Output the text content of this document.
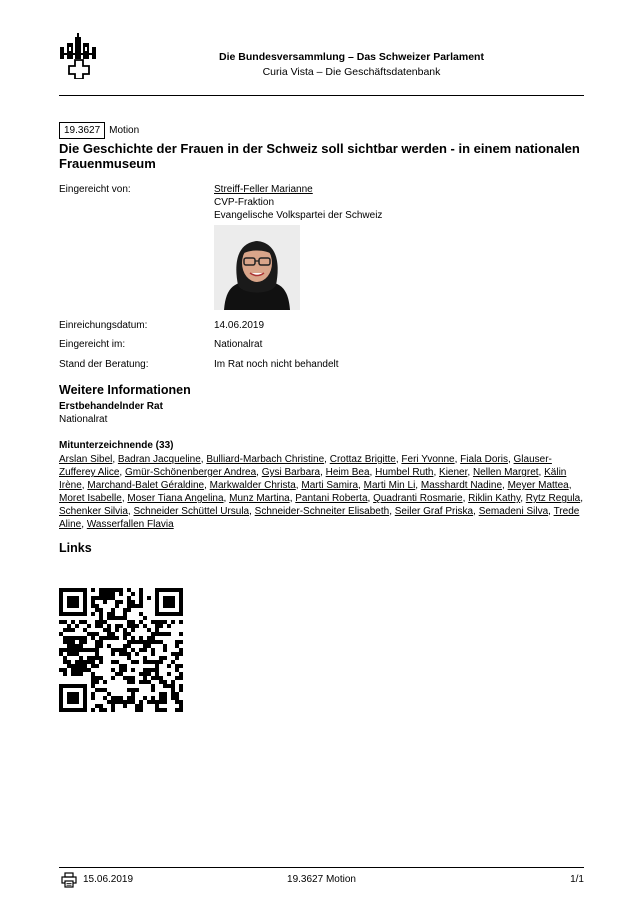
Die Bundesversammlung – Das Schweizer Parlament
Curia Vista – Die Geschäftsdatenbank
19.3627 Motion
Die Geschichte der Frauen in der Schweiz soll sichtbar werden - in einem nationalen Frauenmuseum
Eingereicht von:	Streiff-Feller Marianne
CVP-Fraktion
Evangelische Volkspartei der Schweiz
Einreichungsdatum:	14.06.2019
Eingereicht im:	Nationalrat
Stand der Beratung:	Im Rat noch nicht behandelt
Weitere Informationen
Erstbehandelnder Rat
Nationalrat
Mitunterzeichnende (33)
Arslan Sibel, Badran Jacqueline, Bulliard-Marbach Christine, Crottaz Brigitte, Feri Yvonne, Fiala Doris, Glauser-Zufferey Alice, Gmür-Schönenberger Andrea, Gysi Barbara, Heim Bea, Humbel Ruth, Kiener, Nellen Margret, Kälin Irène, Marchand-Balet Géraldine, Markwalder Christa, Marti Samira, Marti Min Li, Masshardt Nadine, Meyer Mattea, Moret Isabelle, Moser Tiana Angelina, Munz Martina, Pantani Roberta, Quadranti Rosmarie, Riklin Kathy, Rytz Regula, Schenker Silvia, Schneider Schüttel Ursula, Schneider-Schneiter Elisabeth, Seiler Graf Priska, Semadeni Silva, Trede Aline, Wasserfallen Flavia
Links
15.06.2019	19.3627 Motion	1/1
